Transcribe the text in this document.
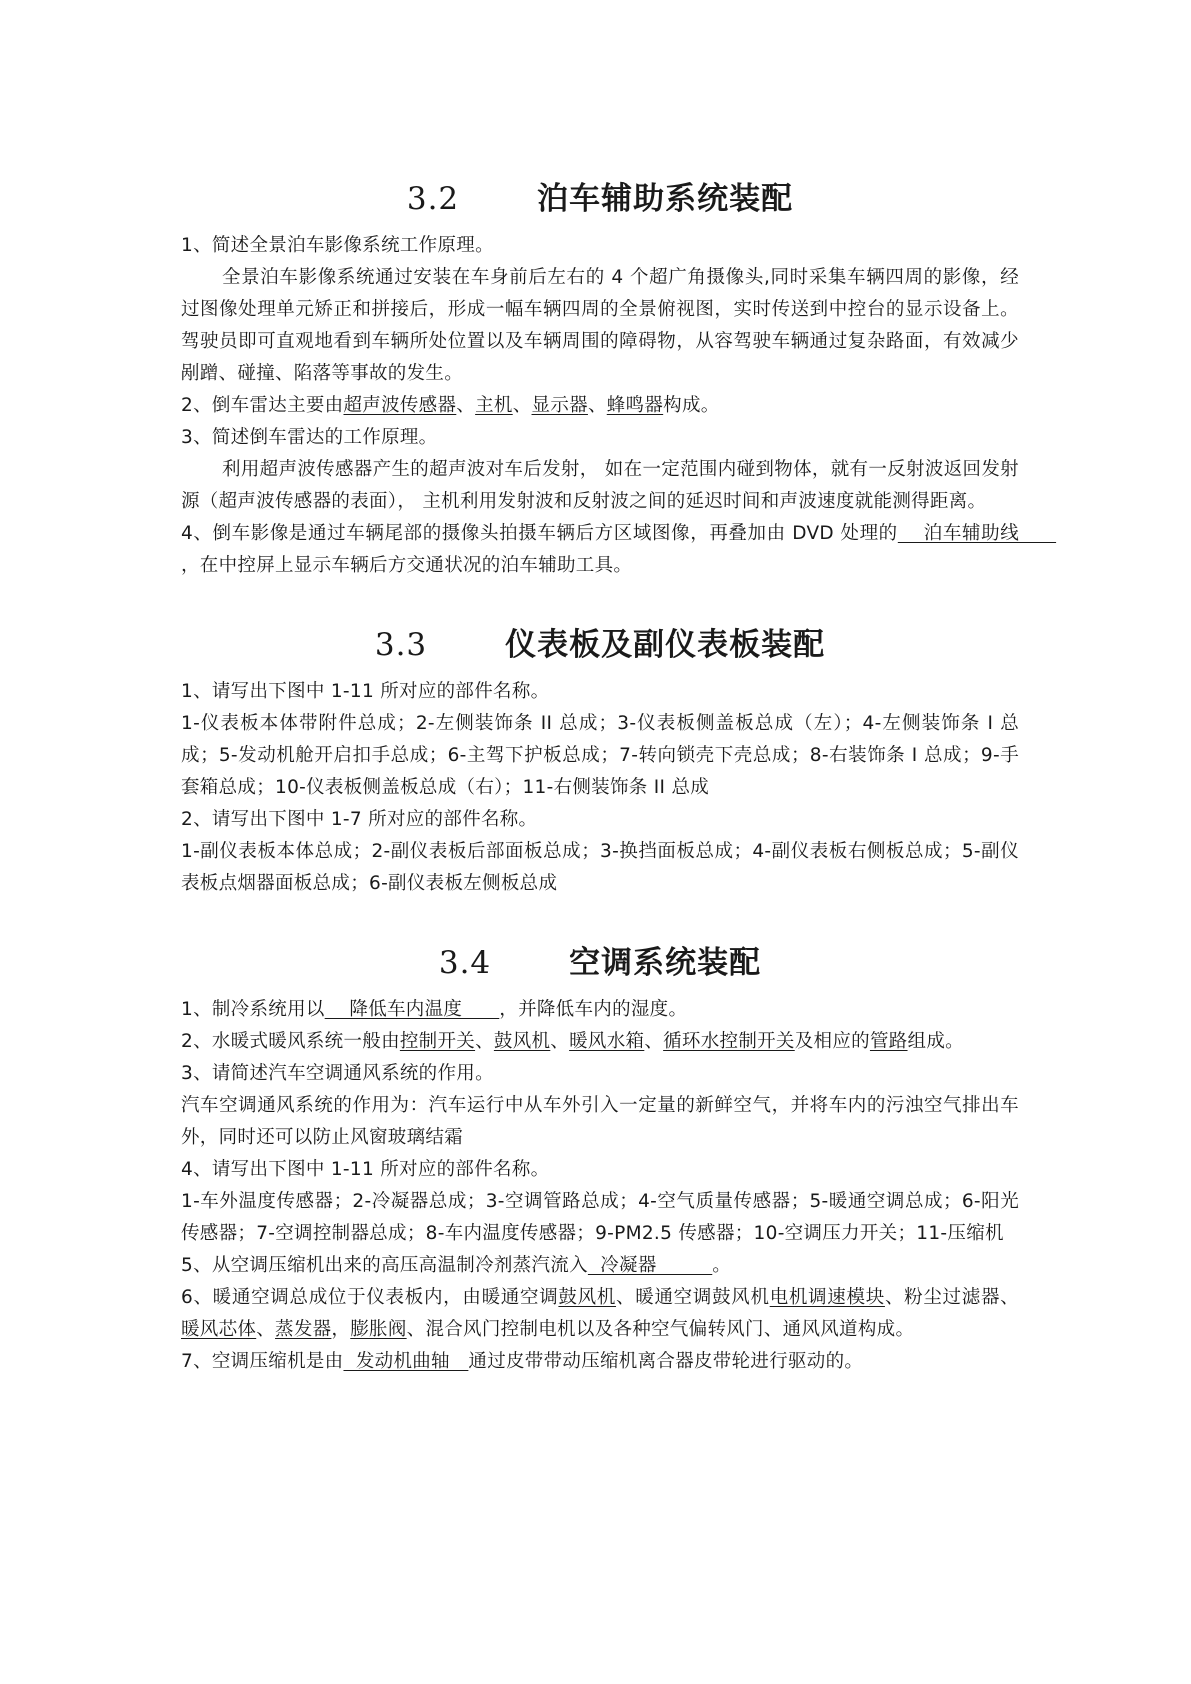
3.2	泊车辅助系统装配

1、简述全景泊车影像系统工作原理。

全景泊车影像系统通过安装在车身前后左右的 4 个超广角摄像头,同时采集车辆四周的影像，经过图像处理单元矫正和拼接后，形成一幅车辆四周的全景俯视图，实时传送到中控台的显示设备上。驾驶员即可直观地看到车辆所处位置以及车辆周围的障碍物，从容驾驶车辆通过复杂路面，有效减少剐蹭、碰撞、陷落等事故的发生。

2、倒车雷达主要由超声波传感器、主机、显示器、蜂鸣器构成。

3、简述倒车雷达的工作原理。

利用超声波传感器产生的超声波对车后发射， 如在一定范围内碰到物体，就有一反射波返回发射源（超声波传感器的表面）， 主机利用发射波和反射波之间的延迟时间和声波速度就能测得距离。

4、倒车影像是通过车辆尾部的摄像头拍摄车辆后方区域图像，再叠加由 DVD 处理的    泊车辅助线      ，在中控屏上显示车辆后方交通状况的泊车辅助工具。

3.3	仪表板及副仪表板装配

1、请写出下图中 1-11 所对应的部件名称。

1-仪表板本体带附件总成；2-左侧装饰条 II 总成；3-仪表板侧盖板总成（左）；4-左侧装饰条 I 总成；5-发动机舱开启扣手总成；6-主驾下护板总成；7-转向锁壳下壳总成；8-右装饰条 I 总成；9-手套箱总成；10-仪表板侧盖板总成（右）；11-右侧装饰条 II 总成

2、请写出下图中 1-7 所对应的部件名称。

1-副仪表板本体总成；2-副仪表板后部面板总成；3-换挡面板总成；4-副仪表板右侧板总成；5-副仪表板点烟器面板总成；6-副仪表板左侧板总成

3.4	空调系统装配

1、制冷系统用以    降低车内温度      ，并降低车内的湿度。

2、水暖式暖风系统一般由控制开关、鼓风机、暖风水箱、循环水控制开关及相应的管路组成。

3、请简述汽车空调通风系统的作用。

汽车空调通风系统的作用为：汽车运行中从车外引入一定量的新鲜空气，并将车内的污浊空气排出车外，同时还可以防止风窗玻璃结霜

4、请写出下图中 1-11 所对应的部件名称。

1-车外温度传感器；2-冷凝器总成；3-空调管路总成；4-空气质量传感器；5-暖通空调总成；6-阳光传感器；7-空调控制器总成；8-车内温度传感器；9-PM2.5 传感器；10-空调压力开关；11-压缩机

5、从空调压缩机出来的高压高温制冷剂蒸汽流入  冷凝器         。

6、暖通空调总成位于仪表板内，由暖通空调鼓风机、暖通空调鼓风机电机调速模块、粉尘过滤器、暖风芯体、蒸发器，膨胀阀、混合风门控制电机以及各种空气偏转风门、通风风道构成。

7、空调压缩机是由  发动机曲轴   通过皮带带动压缩机离合器皮带轮进行驱动的。
